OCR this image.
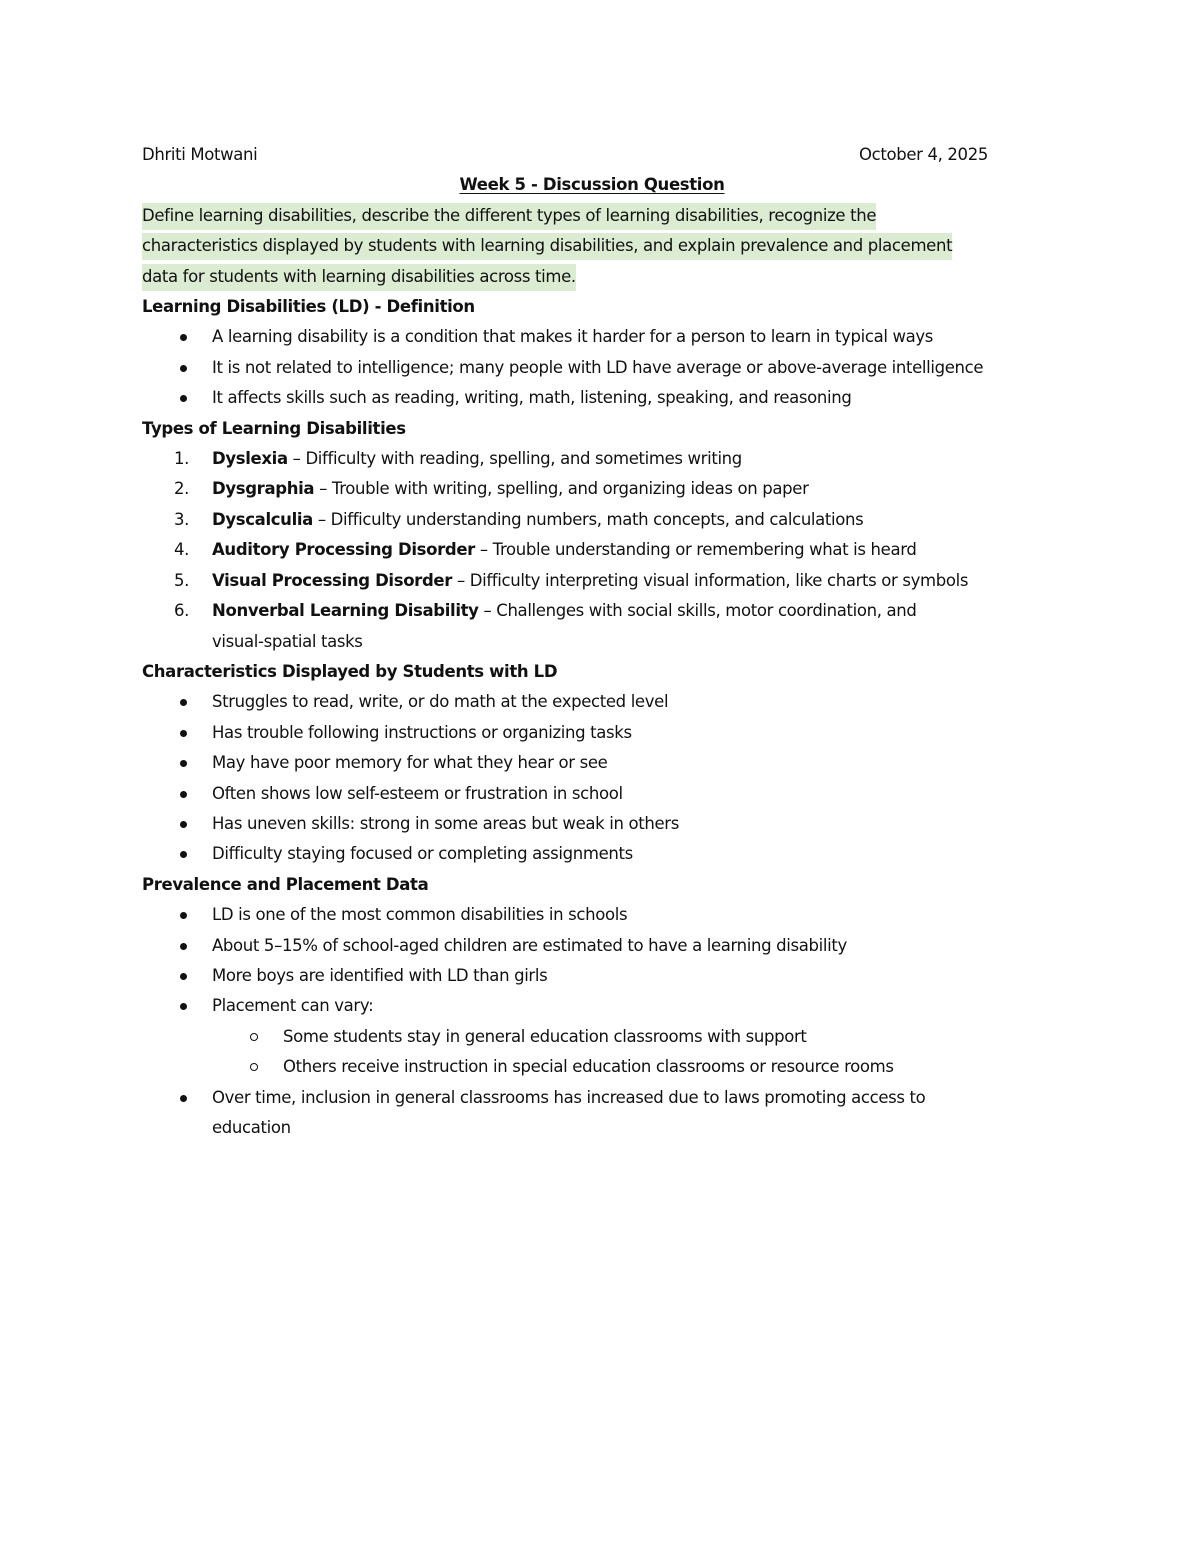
Dhriti Motwani	October 4, 2025
Week 5 - Discussion Question
Define learning disabilities, describe the different types of learning disabilities, recognize the
characteristics displayed by students with learning disabilities, and explain prevalence and placement
data for students with learning disabilities across time.
Learning Disabilities (LD) - Definition
A learning disability is a condition that makes it harder for a person to learn in typical ways
It is not related to intelligence; many people with LD have average or above-average intelligence
It affects skills such as reading, writing, math, listening, speaking, and reasoning
Types of Learning Disabilities
1. Dyslexia – Difficulty with reading, spelling, and sometimes writing
2. Dysgraphia – Trouble with writing, spelling, and organizing ideas on paper
3. Dyscalculia – Difficulty understanding numbers, math concepts, and calculations
4. Auditory Processing Disorder – Trouble understanding or remembering what is heard
5. Visual Processing Disorder – Difficulty interpreting visual information, like charts or symbols
6. Nonverbal Learning Disability – Challenges with social skills, motor coordination, and
visual-spatial tasks
Characteristics Displayed by Students with LD
Struggles to read, write, or do math at the expected level
Has trouble following instructions or organizing tasks
May have poor memory for what they hear or see
Often shows low self-esteem or frustration in school
Has uneven skills: strong in some areas but weak in others
Difficulty staying focused or completing assignments
Prevalence and Placement Data
LD is one of the most common disabilities in schools
About 5–15% of school-aged children are estimated to have a learning disability
More boys are identified with LD than girls
Placement can vary:
Some students stay in general education classrooms with support
Others receive instruction in special education classrooms or resource rooms
Over time, inclusion in general classrooms has increased due to laws promoting access to
education
